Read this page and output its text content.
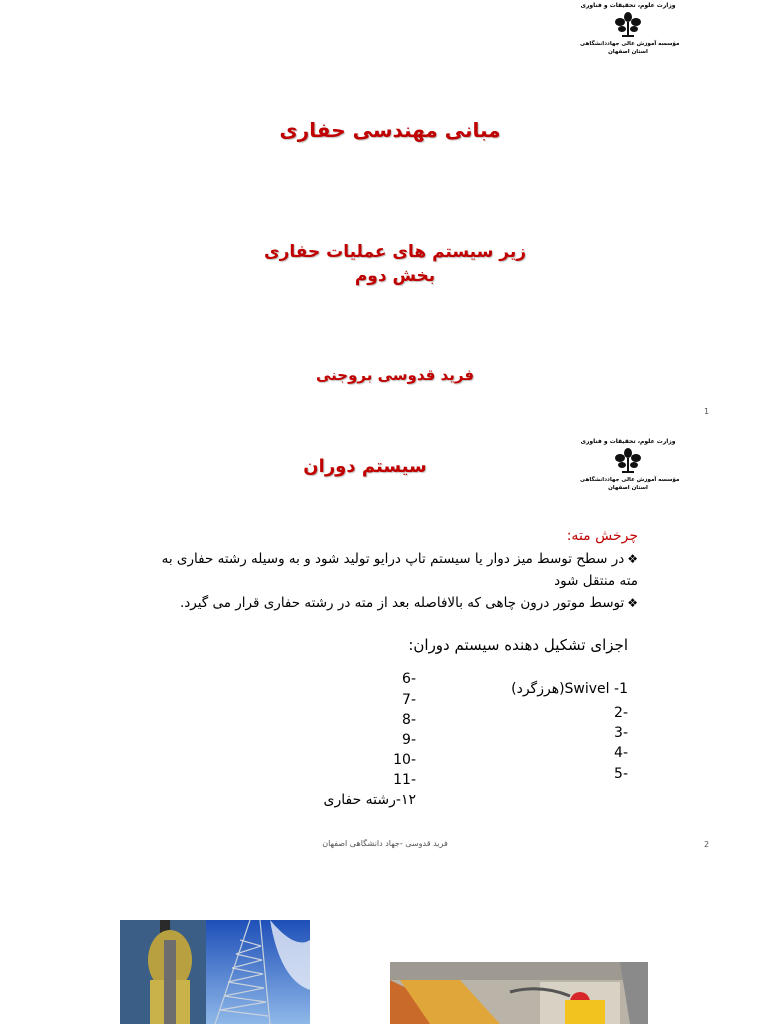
وزارت علوم، تحقیقات و فناوری
مؤسسه آموزش عالی جهاددانشگاهی
استان اصفهان
مبانی مهندسی حفاری
زیر سیستم های عملیات حفاری
بخش دوم
فرید قدوسی بروجنی
1
وزارت علوم، تحقیقات و فناوری
مؤسسه آموزش عالی جهاددانشگاهی
استان اصفهان
سیستم دوران
چرخش مته:
❖در سطح توسط میز دوار یا سیستم تاپ درایو تولید شود و به وسیله رشته حفاری به مته منتقل شود
❖توسط موتور درون چاهی که بالافاصله بعد از مته در رشته حفاری قرار می گیرد.
اجزای تشکیل دهنده سیستم دوران:
1- Swivel(هرزگرد)
-2
-3
-4
-5
-6
-7
-8
-9
-10
-11
۱۲-رشته حفاری
فرید قدوسی -جهاد دانشگاهی اصفهان	2
